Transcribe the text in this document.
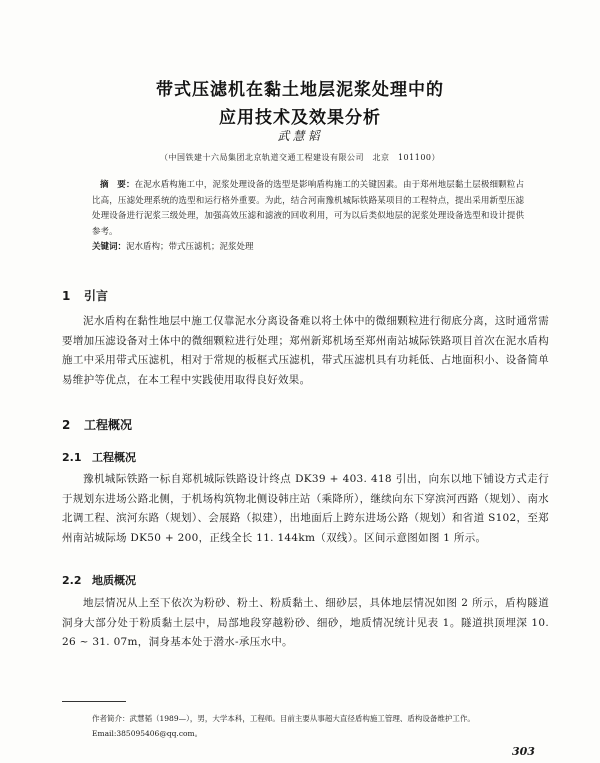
带式压滤机在黏土地层泥浆处理中的
应用技术及效果分析
武慧韬
（中国铁建十六局集团北京轨道交通工程建设有限公司　北京　101100）

摘　要：在泥水盾构施工中，泥浆处理设备的选型是影响盾构施工的关键因素。由于郑州地层黏土层极细颗粒占比高，压滤处理系统的选型和运行格外重要。为此，结合河南豫机城际铁路某项目的工程特点，提出采用新型压滤处理设备进行泥浆三级处理，加强高效压滤和滤液的回收利用，可为以后类似地层的泥浆处理设备选型和设计提供参考。

关键词：泥水盾构；带式压滤机；泥浆处理

1 引言

泥水盾构在黏性地层中施工仅靠泥水分离设备难以将土体中的微细颗粒进行彻底分离，这时通常需要增加压滤设备对土体中的微细颗粒进行处理；郑州新郑机场至郑州南站城际铁路项目首次在泥水盾构施工中采用带式压滤机，相对于常规的板框式压滤机，带式压滤机具有功耗低、占地面积小、设备简单易维护等优点，在本工程中实践使用取得良好效果。

2 工程概况
2.1 工程概况

豫机城际铁路一标自郑机城际铁路设计终点 DK39 + 403. 418 引出，向东以地下铺设方式走行于规划东进场公路北侧，于机场构筑物北侧设韩庄站（乘降所），继续向东下穿滨河西路（规划）、南水北调工程、滨河东路（规划）、会展路（拟建），出地面后上跨东进场公路（规划）和省道 S102，至郑州南站城际场 DK50 + 200，正线全长 11. 144km（双线）。区间示意图如图 1 所示。

2.2 地质概况

地层情况从上至下依次为粉砂、粉土、粉质黏土、细砂层，具体地层情况如图 2 所示，盾构隧道洞身大部分处于粉质黏土层中，局部地段穿越粉砂、细砂，地质情况统计见表 1。隧道拱顶埋深 10. 26 ~ 31. 07m，洞身基本处于潜水-承压水中。

作者简介：武慧韬（1989—），男，大学本科，工程师。目前主要从事超大直径盾构施工管理、盾构设备维护工作。

Email:385095406@qq.com。

303
